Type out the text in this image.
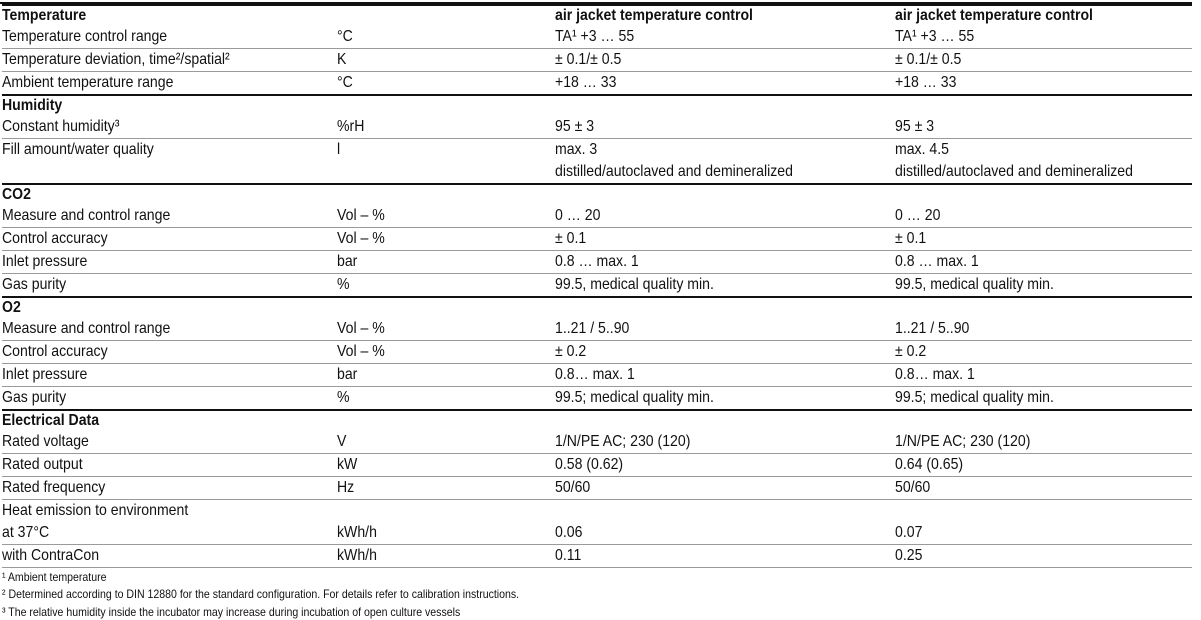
Temperature		air jacket temperature control	air jacket temperature control
Temperature control range	°C	TA¹ +3 … 55	TA¹ +3 … 55
Temperature deviation, time²/spatial²	K	± 0.1/± 0.5	± 0.1/± 0.5
Ambient temperature range	°C	+18 … 33	+18 … 33
Humidity			
Constant humidity³	%rH	95 ± 3	95 ± 3
Fill amount/water quality	l	max. 3	max. 4.5
		distilled/autoclaved and demineralized	distilled/autoclaved and demineralized
CO2			
Measure and control range	Vol – %	0 … 20	0 … 20
Control accuracy	Vol – %	± 0.1	± 0.1
Inlet pressure	bar	0.8 … max. 1	0.8 … max. 1
Gas purity	%	99.5, medical quality min.	99.5, medical quality min.
O2			
Measure and control range	Vol – %	1..21 / 5..90	1..21 / 5..90
Control accuracy	Vol – %	± 0.2	± 0.2
Inlet pressure	bar	0.8… max. 1	0.8… max. 1
Gas purity	%	99.5; medical quality min.	99.5; medical quality min.
Electrical Data			
Rated voltage	V	1/N/PE AC; 230 (120)	1/N/PE AC; 230 (120)
Rated output	kW	0.58 (0.62)	0.64 (0.65)
Rated frequency	Hz	50/60	50/60
Heat emission to environment			
at 37°C	kWh/h	0.06	0.07
with ContraCon	kWh/h	0.11	0.25
¹ Ambient temperature
² Determined according to DIN 12880 for the standard configuration. For details refer to calibration instructions.
³ The relative humidity inside the incubator may increase during incubation of open culture vessels
